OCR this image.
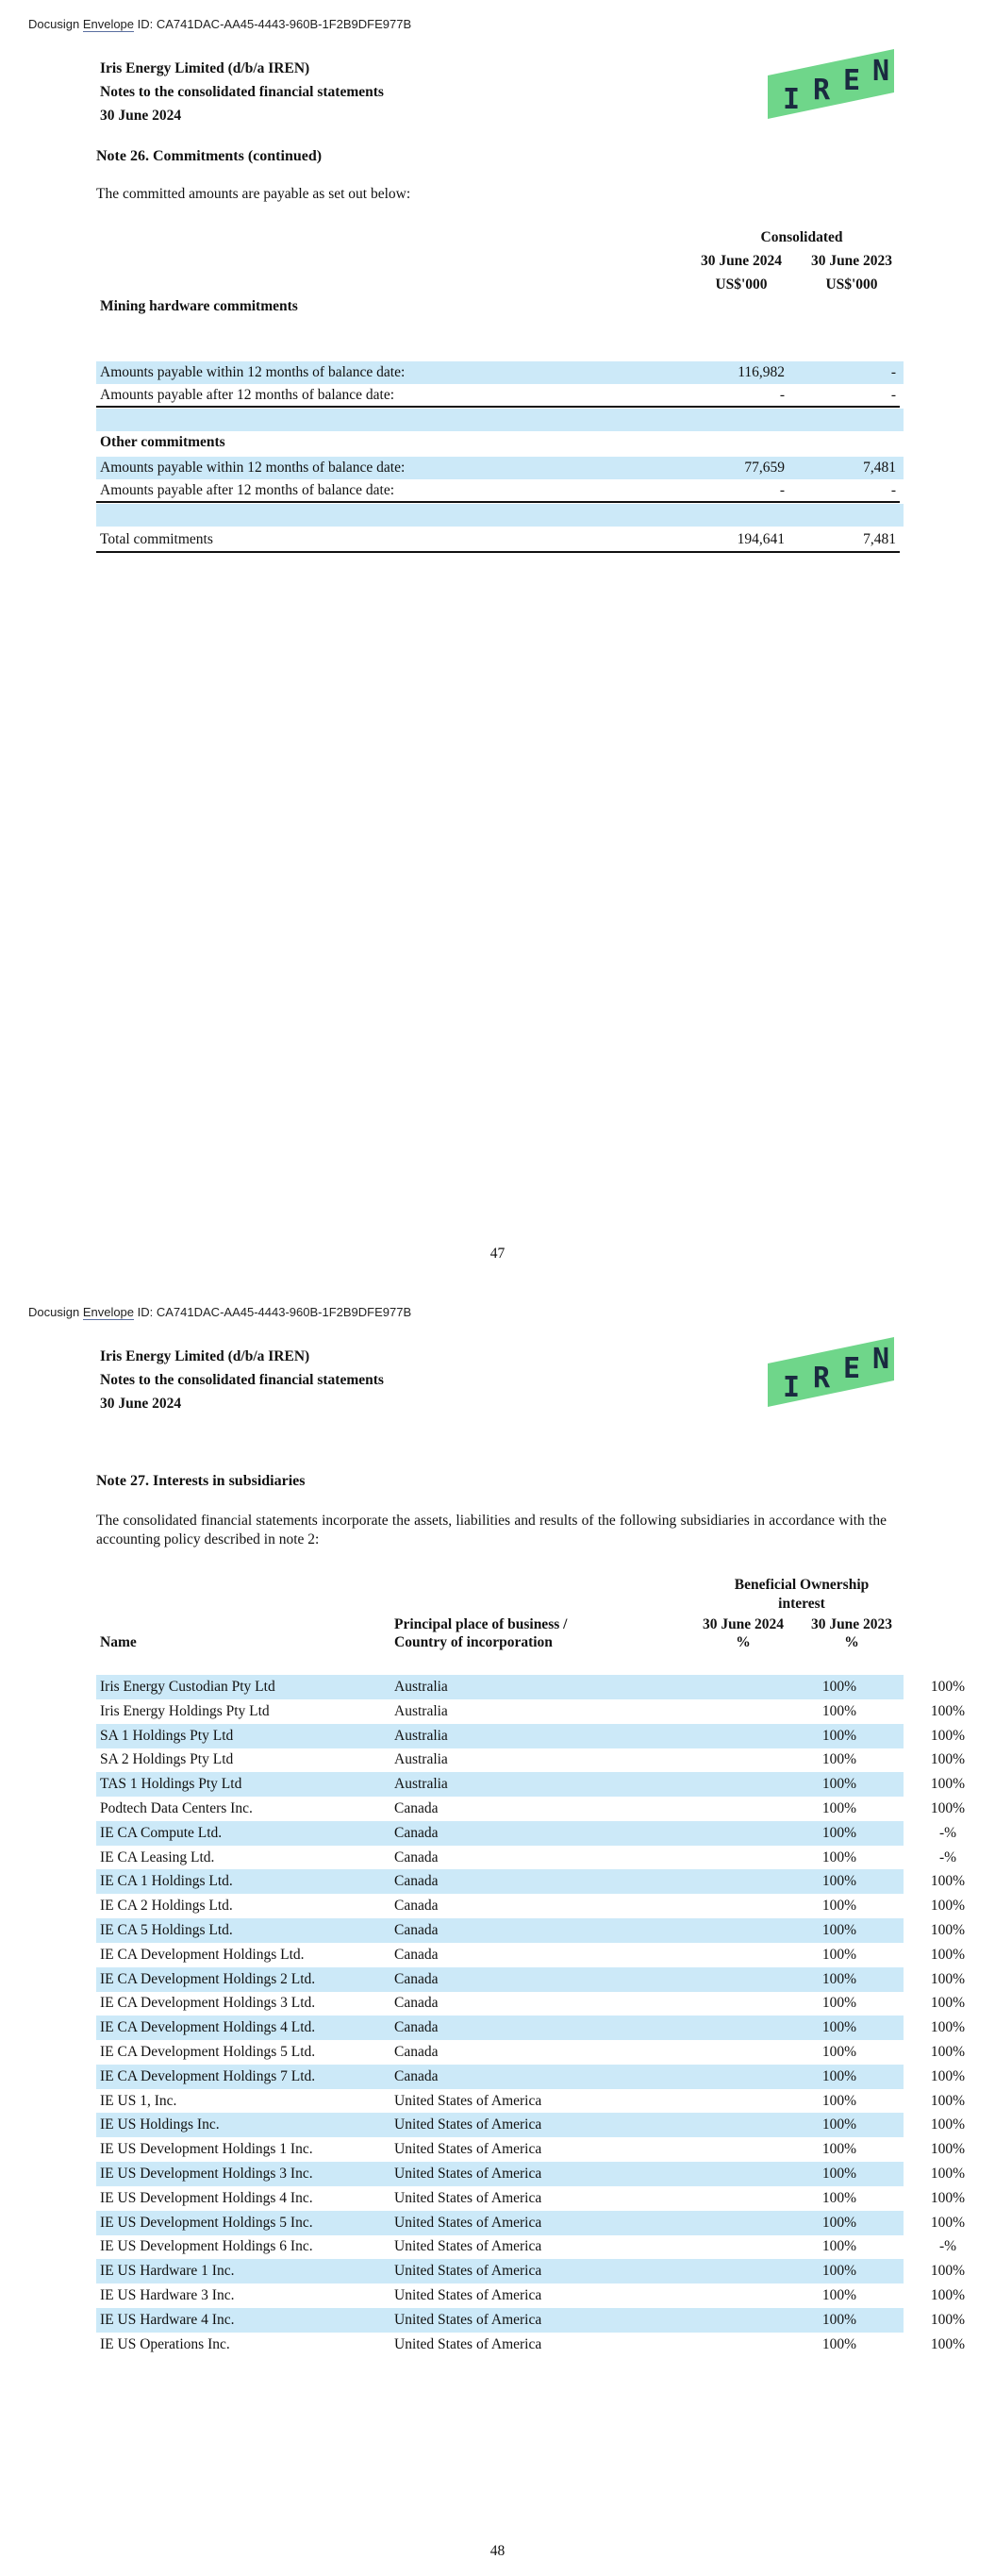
Docusign Envelope ID: CA741DAC-AA45-4443-960B-1F2B9DFE977B
Iris Energy Limited (d/b/a IREN)
Notes to the consolidated financial statements
30 June 2024	I R E N
Note 26. Commitments (continued)
The committed amounts are payable as set out below:
Consolidated
30 June 2024	30 June 2023
US$'000	US$'000
Mining hardware commitments
Amounts payable within 12 months of balance date:	116,982	-
Amounts payable after 12 months of balance date:	-	-
Other commitments
Amounts payable within 12 months of balance date:	77,659	7,481
Amounts payable after 12 months of balance date:	-	-
Total commitments	194,641	7,481
47
Docusign Envelope ID: CA741DAC-AA45-4443-960B-1F2B9DFE977B
Iris Energy Limited (d/b/a IREN)
Notes to the consolidated financial statements
30 June 2024	I R E N
Note 27. Interests in subsidiaries
The consolidated financial statements incorporate the assets, liabilities and results of the following subsidiaries in accordance with the accounting policy described in note 2:
Beneficial Ownership interest
Name
Principal place of business /
Country of incorporation
30 June 2024	30 June 2023
%	%
Iris Energy Custodian Pty Ltd	Australia	100%	100%
Iris Energy Holdings Pty Ltd	Australia	100%	100%
SA 1 Holdings Pty Ltd	Australia	100%	100%
SA 2 Holdings Pty Ltd	Australia	100%	100%
TAS 1 Holdings Pty Ltd	Australia	100%	100%
Podtech Data Centers Inc.	Canada	100%	100%
IE CA Compute Ltd.	Canada	100%	-%
IE CA Leasing Ltd.	Canada	100%	-%
IE CA 1 Holdings Ltd.	Canada	100%	100%
IE CA 2 Holdings Ltd.	Canada	100%	100%
IE CA 5 Holdings Ltd.	Canada	100%	100%
IE CA Development Holdings Ltd.	Canada	100%	100%
IE CA Development Holdings 2 Ltd.	Canada	100%	100%
IE CA Development Holdings 3 Ltd.	Canada	100%	100%
IE CA Development Holdings 4 Ltd.	Canada	100%	100%
IE CA Development Holdings 5 Ltd.	Canada	100%	100%
IE CA Development Holdings 7 Ltd.	Canada	100%	100%
IE US 1, Inc.	United States of America	100%	100%
IE US Holdings Inc.	United States of America	100%	100%
IE US Development Holdings 1 Inc.	United States of America	100%	100%
IE US Development Holdings 3 Inc.	United States of America	100%	100%
IE US Development Holdings 4 Inc.	United States of America	100%	100%
IE US Development Holdings 5 Inc.	United States of America	100%	100%
IE US Development Holdings 6 Inc.	United States of America	100%	-%
IE US Hardware 1 Inc.	United States of America	100%	100%
IE US Hardware 3 Inc.	United States of America	100%	100%
IE US Hardware 4 Inc.	United States of America	100%	100%
IE US Operations Inc.	United States of America	100%	100%
48
